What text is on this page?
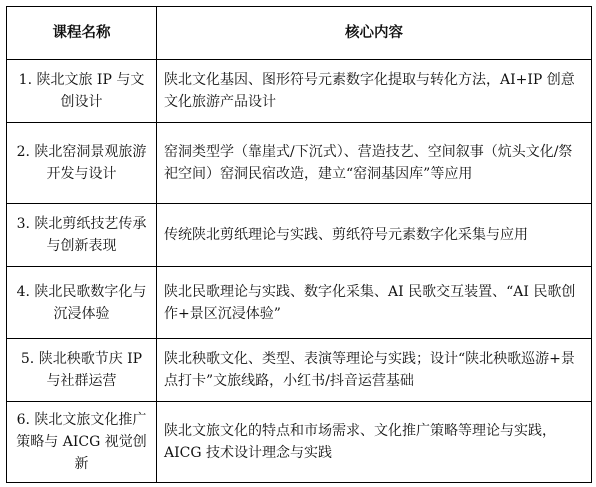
课程名称	核心内容
1. 陕北文旅 IP 与文创设计	陕北文化基因、图形符号元素数字化提取与转化方法，AI+IP 创意文化旅游产品设计
2. 陕北窑洞景观旅游开发与设计	窑洞类型学（靠崖式/下沉式）、营造技艺、空间叙事（炕头文化/祭祀空间）窑洞民宿改造，建立“窑洞基因库”等应用
3. 陕北剪纸技艺传承与创新表现	传统陕北剪纸理论与实践、剪纸符号元素数字化采集与应用
4. 陕北民歌数字化与沉浸体验	陕北民歌理论与实践、数字化采集、AI 民歌交互装置、“AI 民歌创作+景区沉浸体验”
5. 陕北秧歌节庆 IP 与社群运营	陕北秧歌文化、类型、表演等理论与实践；设计“陕北秧歌巡游+景点打卡”文旅线路，小红书/抖音运营基础
6. 陕北文旅文化推广策略与 AICG 视觉创新	陕北文旅文化的特点和市场需求、文化推广策略等理论与实践， AICG 技术设计理念与实践
